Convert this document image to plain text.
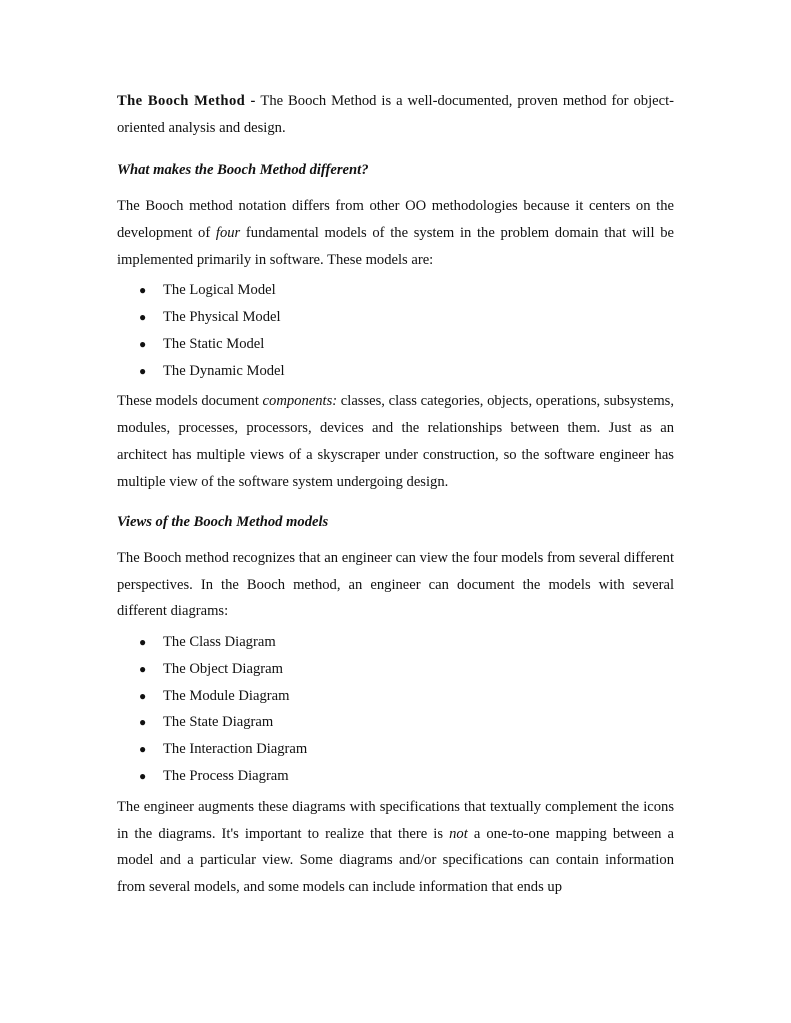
The Booch Method - The Booch Method is a well-documented, proven method for object-oriented analysis and design.

What makes the Booch Method different?

The Booch method notation differs from other OO methodologies because it centers on the development of four fundamental models of the system in the problem domain that will be implemented primarily in software. These models are:

● The Logical Model
● The Physical Model
● The Static Model
● The Dynamic Model

These models document components: classes, class categories, objects, operations, subsystems, modules, processes, processors, devices and the relationships between them. Just as an architect has multiple views of a skyscraper under construction, so the software engineer has multiple view of the software system undergoing design.

Views of the Booch Method models

The Booch method recognizes that an engineer can view the four models from several different perspectives. In the Booch method, an engineer can document the models with several different diagrams:

● The Class Diagram
● The Object Diagram
● The Module Diagram
● The State Diagram
● The Interaction Diagram
● The Process Diagram

The engineer augments these diagrams with specifications that textually complement the icons in the diagrams. It's important to realize that there is not a one-to-one mapping between a model and a particular view. Some diagrams and/or specifications can contain information from several models, and some models can include information that ends up
